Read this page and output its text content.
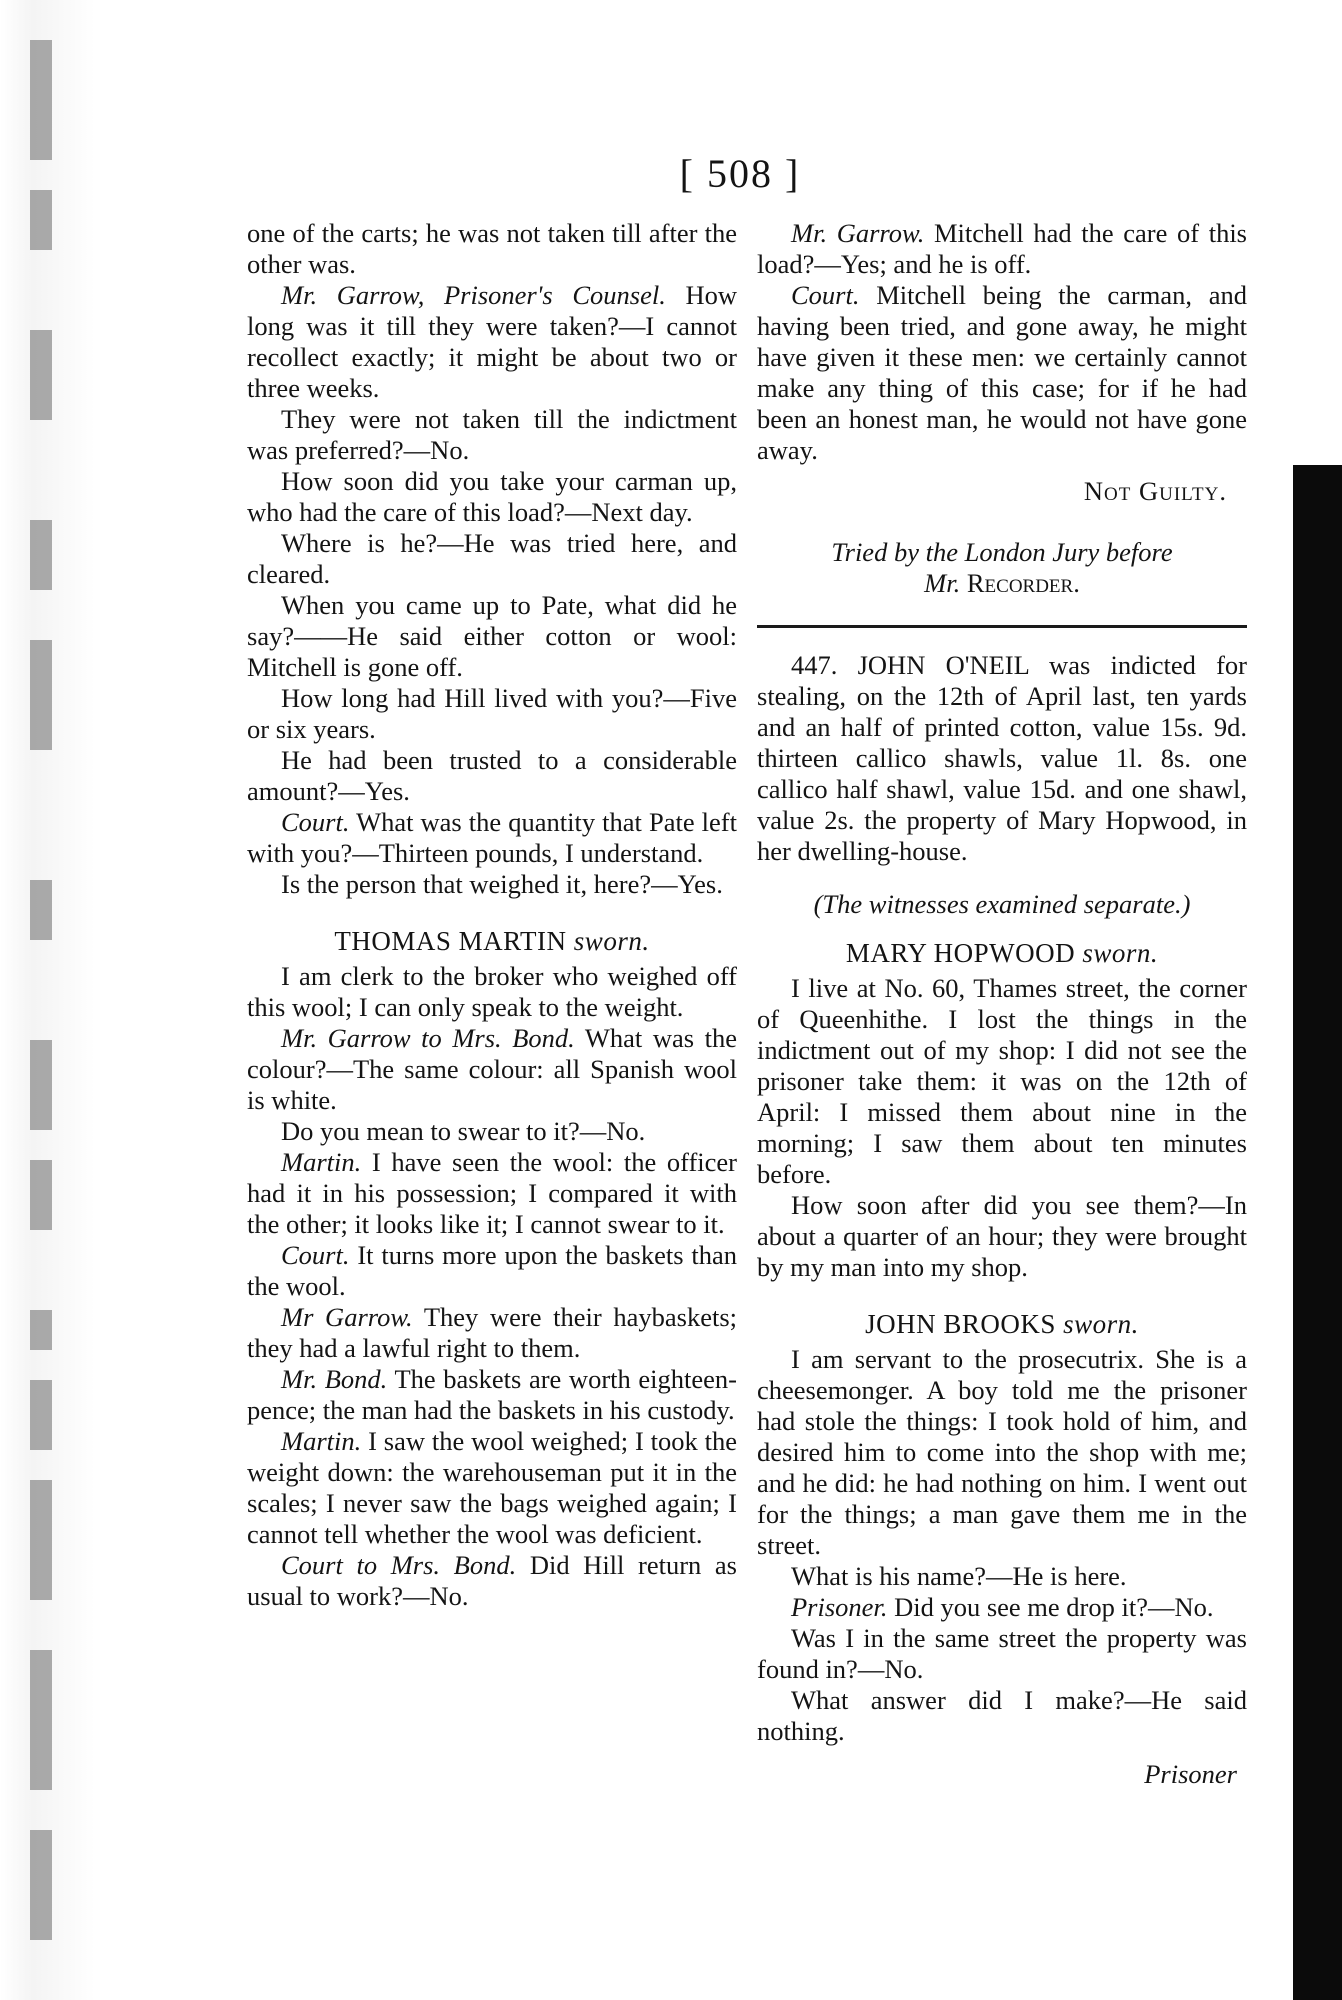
[ 508 ]

one of the carts; he was not taken till after the other was.

Mr. Garrow, Prisoner's Counsel. How long was it till they were taken?—I cannot recollect exactly; it might be about two or three weeks.

They were not taken till the indictment was preferred?—No.

How soon did you take your carman up, who had the care of this load?—Next day.

Where is he?—He was tried here, and cleared.

When you came up to Pate, what did he say?——He said either cotton or wool: Mitchell is gone off.

How long had Hill lived with you?—Five or six years.

He had been trusted to a considerable amount?—Yes.

Court. What was the quantity that Pate left with you?—Thirteen pounds, I understand.

Is the person that weighed it, here?—Yes.

THOMAS MARTIN sworn.

I am clerk to the broker who weighed off this wool; I can only speak to the weight.

Mr. Garrow to Mrs. Bond. What was the colour?—The same colour: all Spanish wool is white.

Do you mean to swear to it?—No.

Martin. I have seen the wool: the officer had it in his possession; I compared it with the other; it looks like it; I cannot swear to it.

Court. It turns more upon the baskets than the wool.

Mr Garrow. They were their haybaskets; they had a lawful right to them.

Mr. Bond. The baskets are worth eighteen-pence; the man had the baskets in his custody.

Martin. I saw the wool weighed; I took the weight down: the warehouseman put it in the scales; I never saw the bags weighed again; I cannot tell whether the wool was deficient.

Court to Mrs. Bond. Did Hill return as usual to work?—No.

Mr. Garrow. Mitchell had the care of this load?—Yes; and he is off.

Court. Mitchell being the carman, and having been tried, and gone away, he might have given it these men: we certainly cannot make any thing of this case; for if he had been an honest man, he would not have gone away.

Not Guilty.
Tried by the London Jury before
Mr. Recorder.

447. JOHN O'NEIL was indicted for stealing, on the 12th of April last, ten yards and an half of printed cotton, value 15s. 9d. thirteen callico shawls, value 1l. 8s. one callico half shawl, value 15d. and one shawl, value 2s. the property of Mary Hopwood, in her dwelling-house.

(The witnesses examined separate.)
MARY HOPWOOD sworn.

I live at No. 60, Thames street, the corner of Queenhithe. I lost the things in the indictment out of my shop: I did not see the prisoner take them: it was on the 12th of April: I missed them about nine in the morning; I saw them about ten minutes before.

How soon after did you see them?—In about a quarter of an hour; they were brought by my man into my shop.

JOHN BROOKS sworn.

I am servant to the prosecutrix. She is a cheesemonger. A boy told me the prisoner had stole the things: I took hold of him, and desired him to come into the shop with me; and he did: he had nothing on him. I went out for the things; a man gave them me in the street.

What is his name?—He is here.

Prisoner. Did you see me drop it?—No.

Was I in the same street the property was found in?—No.

What answer did I make?—He said nothing.

Prisoner
